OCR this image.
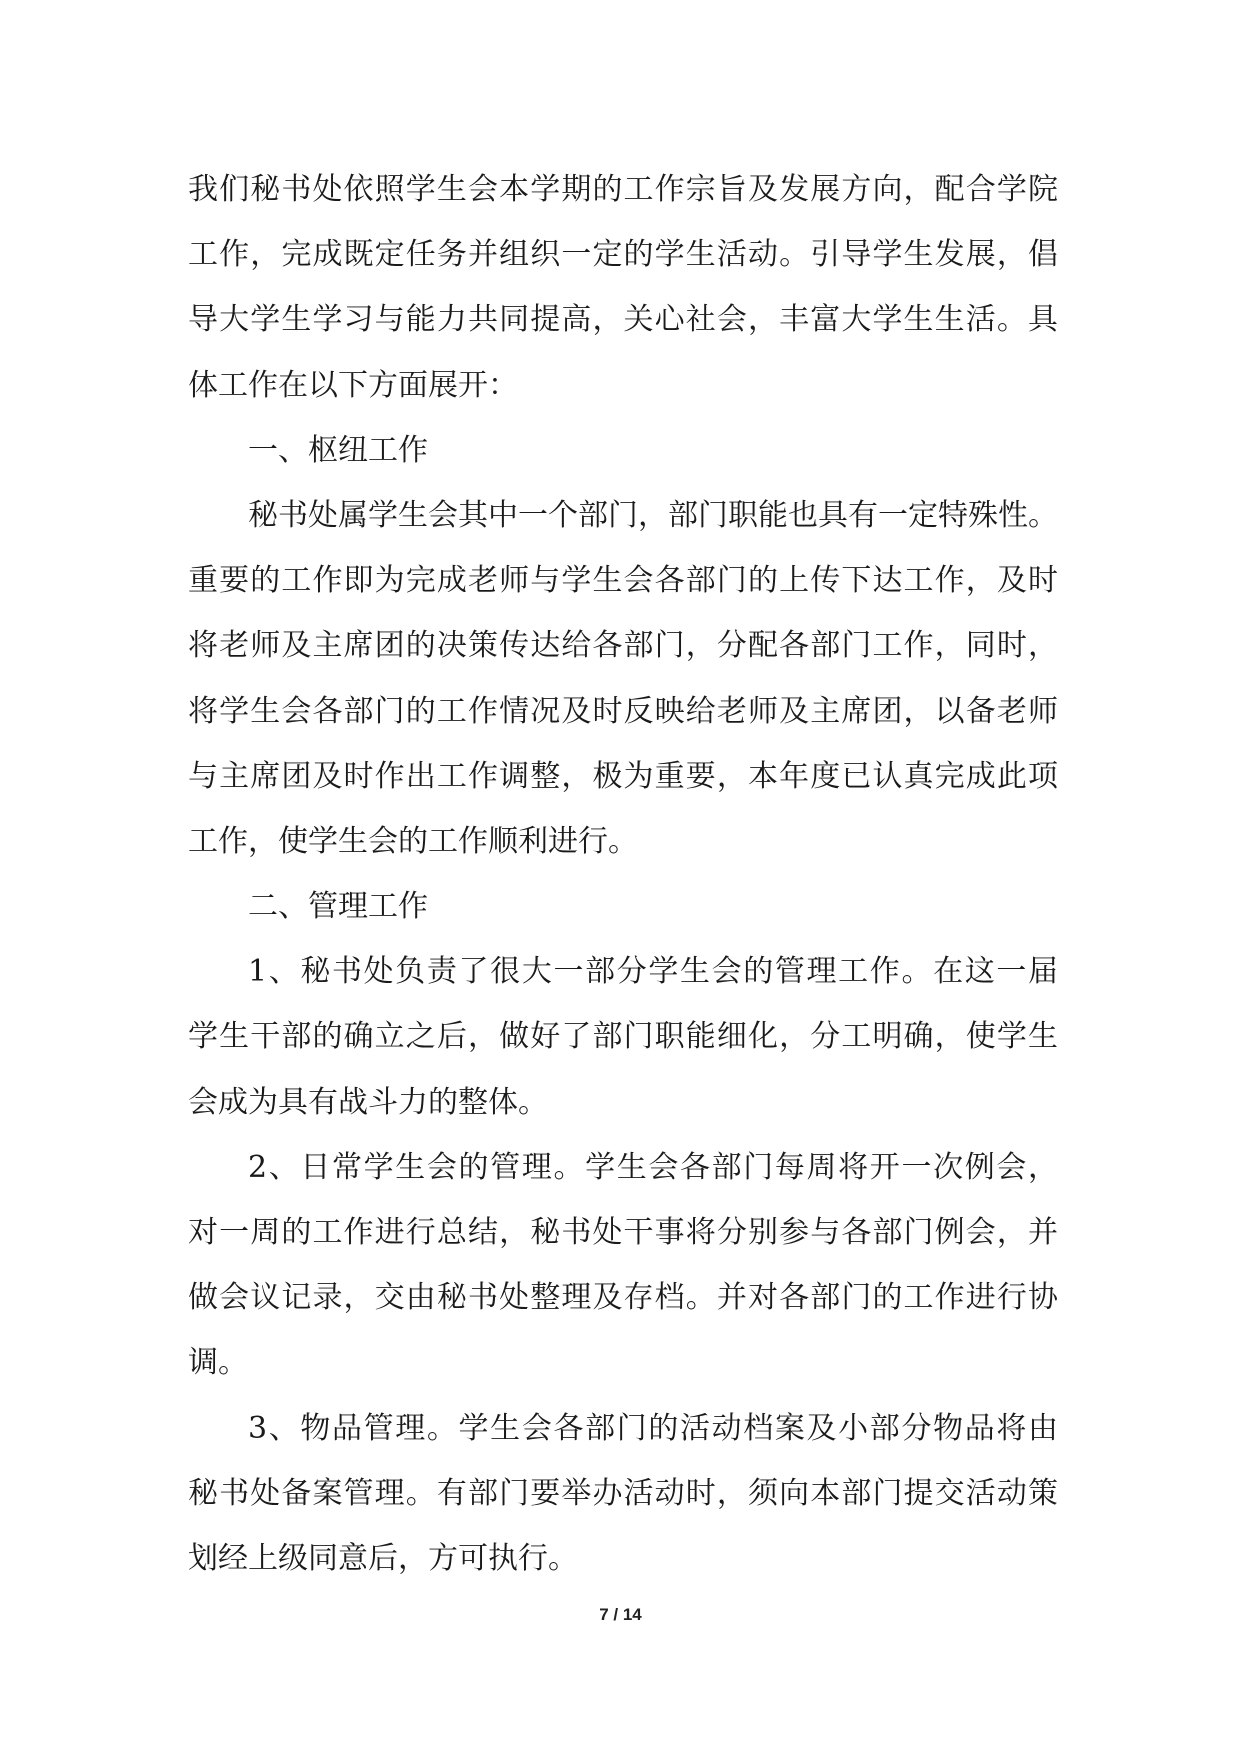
我们秘书处依照学生会本学期的工作宗旨及发展方向，配合学院
工作，完成既定任务并组织一定的学生活动。引导学生发展，倡
导大学生学习与能力共同提高，关心社会，丰富大学生生活。具
体工作在以下方面展开：
一、枢纽工作
秘书处属学生会其中一个部门，部门职能也具有一定特殊性。
重要的工作即为完成老师与学生会各部门的上传下达工作，及时
将老师及主席团的决策传达给各部门，分配各部门工作，同时，
将学生会各部门的工作情况及时反映给老师及主席团，以备老师
与主席团及时作出工作调整，极为重要，本年度已认真完成此项
工作，使学生会的工作顺利进行。
二、管理工作
1、秘书处负责了很大一部分学生会的管理工作。在这一届
学生干部的确立之后，做好了部门职能细化，分工明确，使学生
会成为具有战斗力的整体。
2、日常学生会的管理。学生会各部门每周将开一次例会，
对一周的工作进行总结，秘书处干事将分别参与各部门例会，并
做会议记录，交由秘书处整理及存档。并对各部门的工作进行协
调。
3、物品管理。学生会各部门的活动档案及小部分物品将由
秘书处备案管理。有部门要举办活动时，须向本部门提交活动策
划经上级同意后，方可执行。
7 / 14
